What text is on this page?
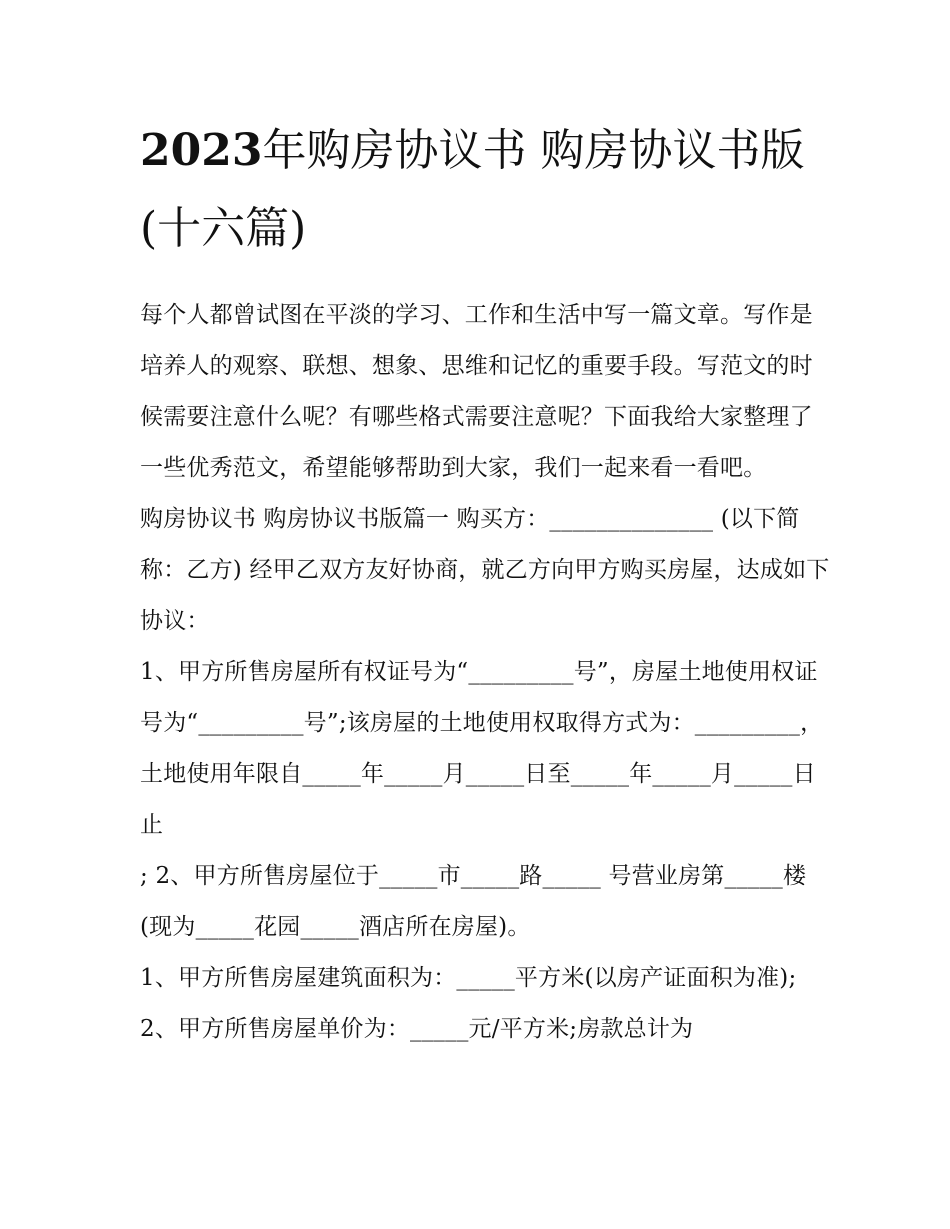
2023年购房协议书 购房协议书版(十六篇)

每个人都曾试图在平淡的学习、工作和生活中写一篇文章。写作是培养人的观察、联想、想象、思维和记忆的重要手段。写范文的时候需要注意什么呢？有哪些格式需要注意呢？下面我给大家整理了一些优秀范文，希望能够帮助到大家，我们一起来看一看吧。

购房协议书 购房协议书版篇一 购买方：______________ (以下简称：乙方) 经甲乙双方友好协商，就乙方向甲方购买房屋，达成如下协议：

1、甲方所售房屋所有权证号为“_________号”，房屋土地使用权证号为“_________号”;该房屋的土地使用权取得方式为：_________，土地使用年限自_____年_____月_____日至_____年_____月_____日止

; 2、甲方所售房屋位于_____市_____路_____ 号营业房第_____楼(现为_____花园_____酒店所在房屋)。

1、甲方所售房屋建筑面积为：_____平方米(以房产证面积为准); 2、甲方所售房屋单价为：_____元/平方米;房款总计为
